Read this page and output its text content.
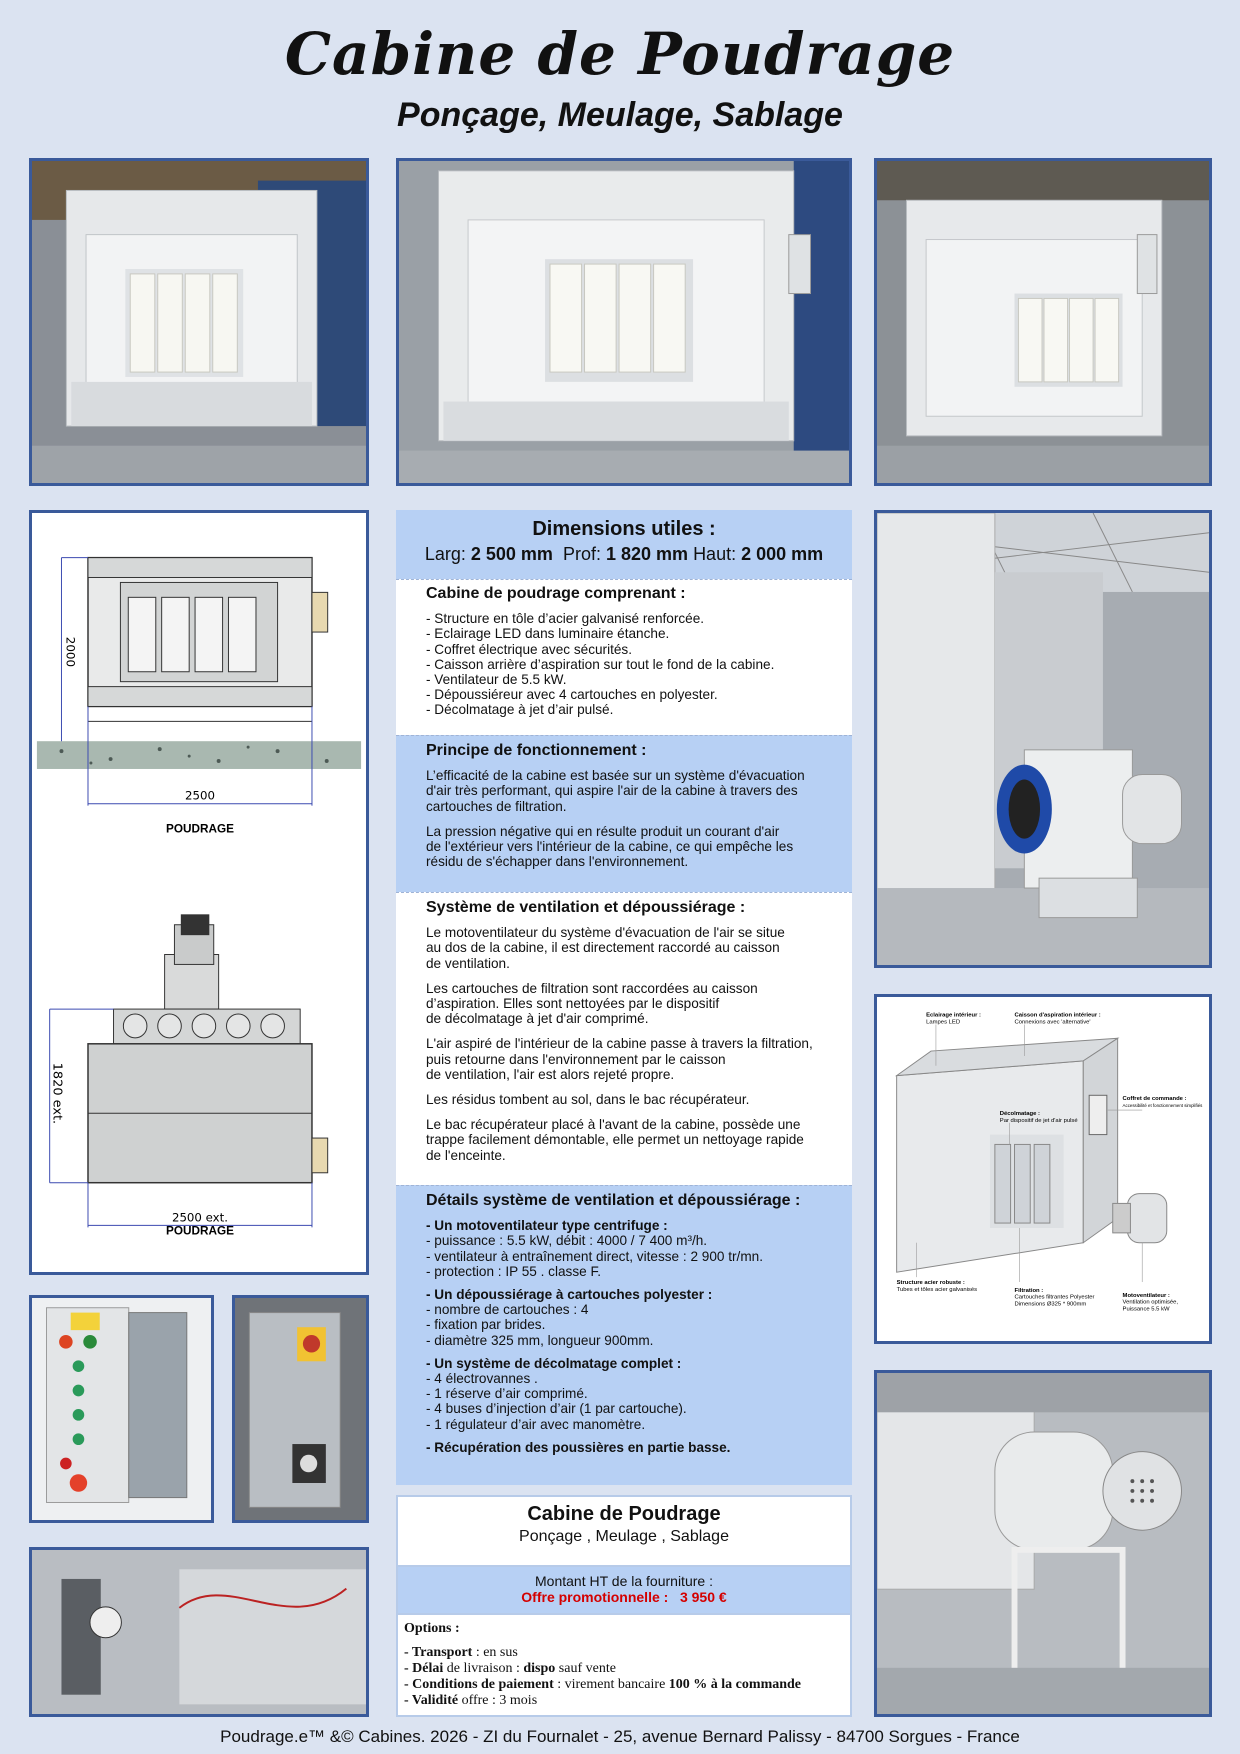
Cabine de Poudrage
Ponçage, Meulage, Sablage
2000
2500
POUDRAGE
1820 ext.
2500 ext.
POUDRAGE
Dimensions utiles :
Larg: 2 500 mm Prof: 1 820 mm Haut: 2 000 mm
Cabine de poudrage comprenant :
- Structure en tôle d’acier galvanisé renforcée.
- Eclairage LED dans luminaire étanche.
- Coffret électrique avec sécurités.
- Caisson arrière d’aspiration sur tout le fond de la cabine.
- Ventilateur de 5.5 kW.
- Dépoussiéreur avec 4 cartouches en polyester.
- Décolmatage à jet d’air pulsé.
Principe de fonctionnement :

L’efficacité de la cabine est basée sur un système d'évacuation
d'air très performant, qui aspire l'air de la cabine à travers des
cartouches de filtration.

La pression négative qui en résulte produit un courant d'air
de l'extérieur vers l'intérieur de la cabine, ce qui empêche les
résidu de s'échapper dans l'environnement.

Système de ventilation et dépoussiérage :

Le motoventilateur du système d'évacuation de l'air se situe
au dos de la cabine, il est directement raccordé au caisson
de ventilation.

Les cartouches de filtration sont raccordées au caisson
d’aspiration. Elles sont nettoyées par le dispositif
de décolmatage à jet d'air comprimé.

L'air aspiré de l'intérieur de la cabine passe à travers la filtration,
puis retourne dans l'environnement par le caisson
de ventilation, l'air est alors rejeté propre.

Les résidus tombent au sol, dans le bac récupérateur.

Le bac récupérateur placé à l'avant de la cabine, possède une
trappe facilement démontable, elle permet un nettoyage rapide
de l'enceinte.

Détails système de ventilation et dépoussiérage :
- Un motoventilateur type centrifuge :
- puissance : 5.5 kW, débit : 4000 / 7 400 m³/h.
- ventilateur à entraînement direct, vitesse : 2 900 tr/mn.
- protection : IP 55 . classe F.
- Un dépoussiérage à cartouches polyester :
- nombre de cartouches : 4
- fixation par brides.
- diamètre 325 mm, longueur 900mm.
- Un système de décolmatage complet :
- 4 électrovannes .
- 1 réserve d’air comprimé.
- 4 buses d’injection d’air (1 par cartouche).
- 1 régulateur d’air avec manomètre.
- Récupération des poussières en partie basse.
Cabine de Poudrage
Ponçage , Meulage , Sablage
Montant HT de la fourniture :
Offre promotionnelle : 3 950 €
Options :
- Transport : en sus
- Délai de livraison : dispo sauf vente
- Conditions de paiement : virement bancaire 100 % à la commande
- Validité offre : 3 mois
Eclairage intérieur :
Lampes LED
Caisson d'aspiration intérieur :
Connexions avec 'alternative'
Coffret de commande :
Accessibilité et fonctionnement simplifiés
Décolmatage :
Par dispositif de jet d'air pulsé
Structure acier robuste :
Tubes et tôles acier galvanisés	Filtration :
Cartouches filtrantes Polyester
Dimensions Ø325 * 900mm
Motoventilateur :
Ventilation optimisée,
Puissance 5.5 kW
Poudrage.e™ &© Cabines. 2026 - ZI du Fournalet - 25, avenue Bernard Palissy - 84700 Sorgues - France
